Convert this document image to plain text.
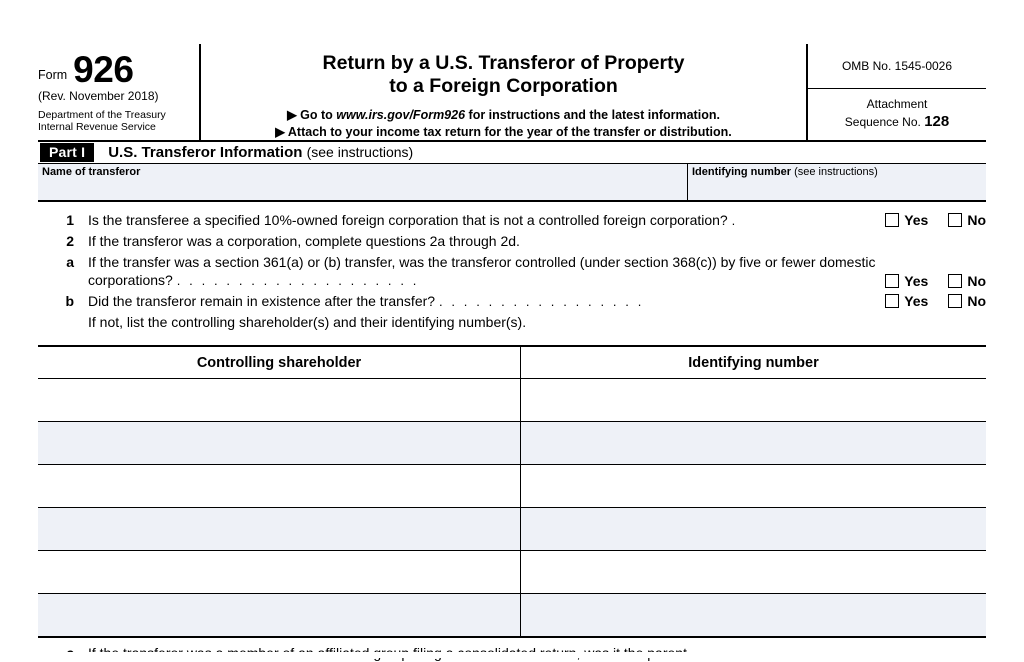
Form 926
(Rev. November 2018)
Department of the Treasury
Internal Revenue Service
Return by a U.S. Transferor of Property
to a Foreign Corporation
▶ Go to www.irs.gov/Form926 for instructions and the latest information.
▶ Attach to your income tax return for the year of the transfer or distribution.
OMB No. 1545-0026
Attachment
Sequence No. 128
Part I	U.S. Transferor Information (see instructions)
Name of transferor	Identifying number (see instructions)
1	Is the transferee a specified 10%-owned foreign corporation that is not a controlled foreign corporation? .	Yes	No
2	If the transferor was a corporation, complete questions 2a through 2d.
a	If the transfer was a section 361(a) or (b) transfer, was the transferor controlled (under section 368(c)) by five or fewer domestic corporations? . . . . . . . . . . . . . . . . . . . .	Yes	No
b	Did the transferor remain in existence after the transfer? . . . . . . . . . . . . . . . . .	Yes	No
If not, list the controlling shareholder(s) and their identifying number(s).
Controlling shareholder	Identifying number
